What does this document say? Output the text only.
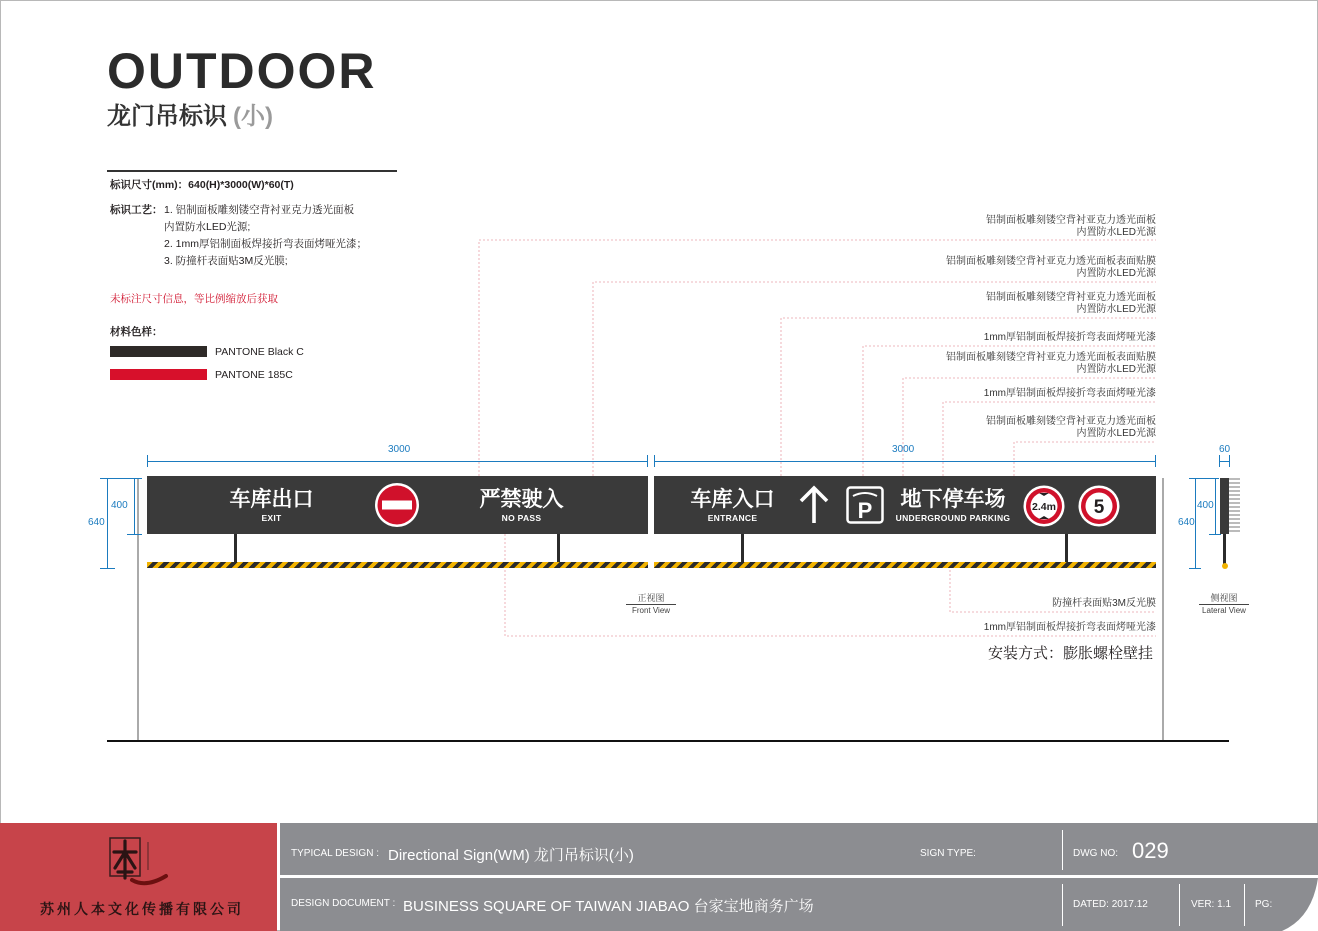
OUTDOOR
龙门吊标识 (小)
标识尺寸(mm)：640(H)*3000(W)*60(T)
标识工艺： 1. 铝制面板雕刻镂空背衬亚克力透光面板
内置防水LED光源;
2. 1mm厚铝制面板焊接折弯表面烤哑光漆；
3. 防撞杆表面贴3M反光膜;
未标注尺寸信息，等比例缩放后获取
材料色样：
PANTONE Black C
PANTONE 185C
铝制面板雕刻镂空背衬亚克力透光面板
内置防水LED光源
铝制面板雕刻镂空背衬亚克力透光面板表面贴膜
内置防水LED光源
铝制面板雕刻镂空背衬亚克力透光面板
内置防水LED光源
1mm厚铝制面板焊接折弯表面烤哑光漆
铝制面板雕刻镂空背衬亚克力透光面板表面贴膜
内置防水LED光源
1mm厚铝制面板焊接折弯表面烤哑光漆
铝制面板雕刻镂空背衬亚克力透光面板
内置防水LED光源
3000	3000
400
640
车库出口
EXIT
严禁驶入
NO PASS
车库入口
ENTRANCE	P	地下停车场
UNDERGROUND PARKING
2.4m 5
正视图
Front View
防撞杆表面贴3M反光膜
1mm厚铝制面板焊接折弯表面烤哑光漆
安装方式：膨胀螺栓壁挂
60
400
640
侧视图
Lateral View
苏州人本文化传播有限公司
TYPICAL DESIGN : Directional Sign(WM) 龙门吊标识(小)	SIGN TYPE:	DWG NO: 029
DESIGN DOCUMENT : BUSINESS SQUARE OF TAIWAN JIABAO 台家宝地商务广场	DATED: 2017.12	VER: 1.1 PG:
